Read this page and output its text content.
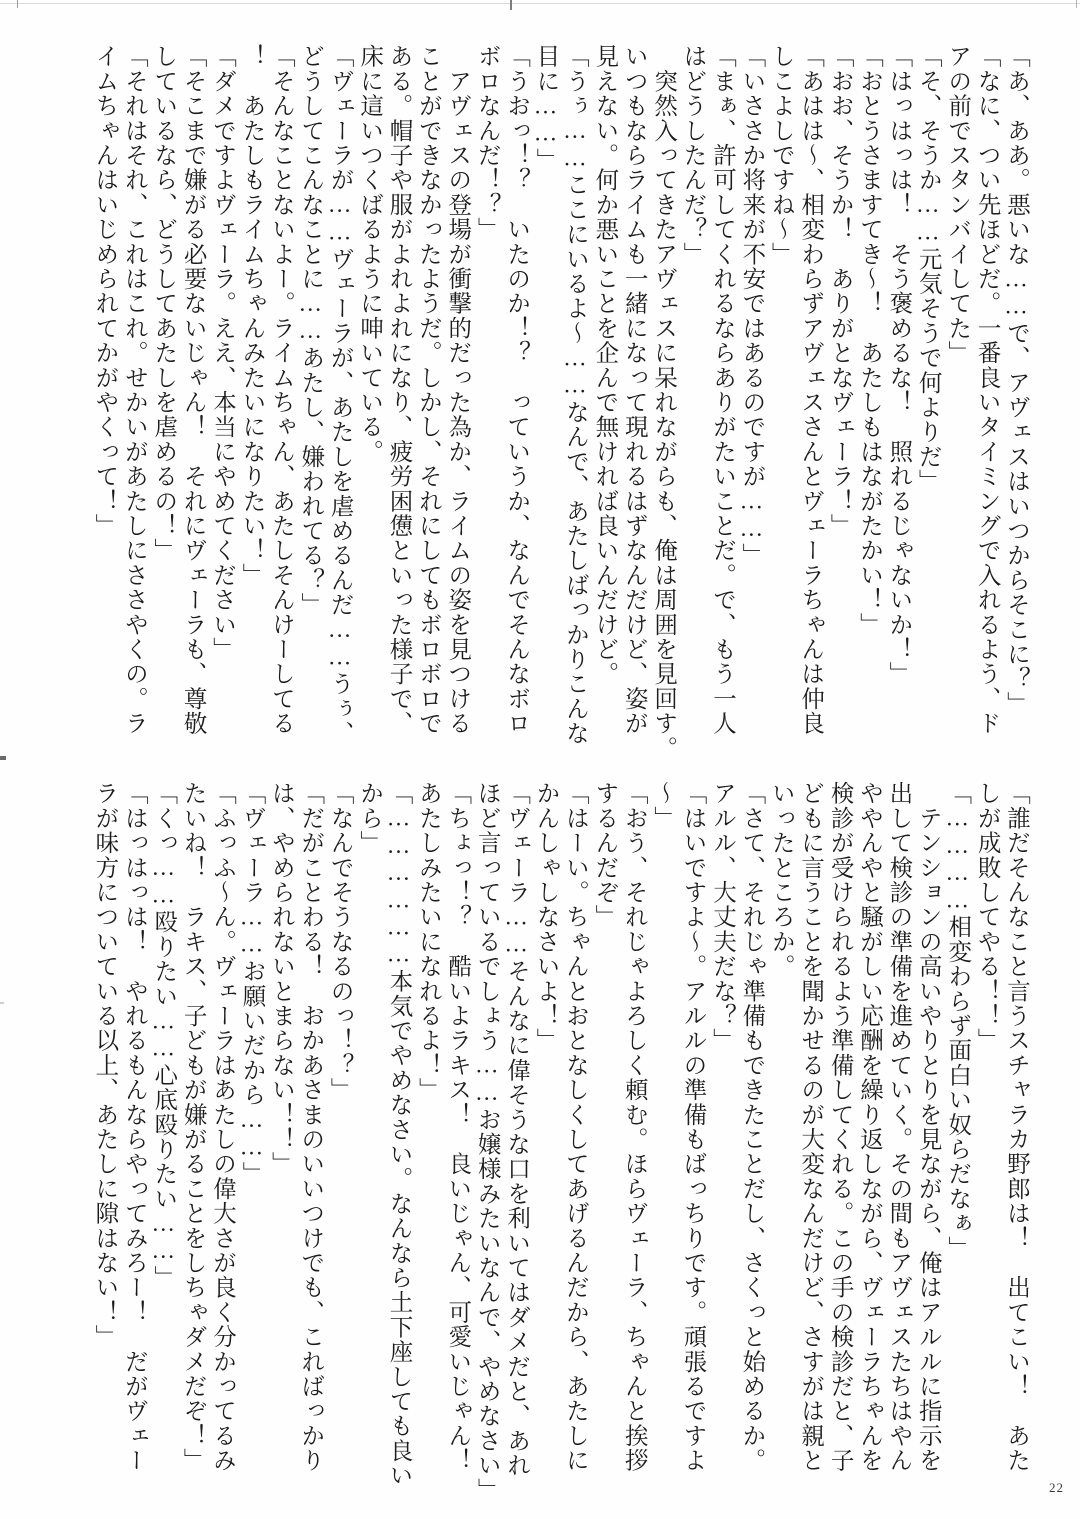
「あ、ああ。悪いな……で、アヴェスはいつからそこに？」
「なに、つい先ほどだ。一番良いタイミングで入れるよう、ド
アの前でスタンバイしてた」
「そ、そうか……元気そうで何よりだ」
「はっはっは！　そう褒めるな！　照れるじゃないか！」
「おとうさますてき～！　あたしもはながたかい！」
「おお、そうか！　ありがとなヴェーラ！」
「あはは～、相変わらずアヴェスさんとヴェーラちゃんは仲良
しこよしですね～」
「いささか将来が不安ではあるのですが……」
「まぁ、許可してくれるならありがたいことだ。で、もう一人
はどうしたんだ？」
　突然入ってきたアヴェスに呆れながらも、俺は周囲を見回す。
いつもならライムも一緒になって現れるはずなんだけど、姿が
見えない。何か悪いことを企んで無ければ良いんだけど。
「うぅ……ここにいるよ～……なんで、あたしばっかりこんな
目に……」
「うおっ！？　いたのか！？　っていうか、なんでそんなボロ
ボロなんだ！？」
　アヴェスの登場が衝撃的だった為か、ライムの姿を見つける
ことができなかったようだ。しかし、それにしてもボロボロで
ある。帽子や服がよれよれになり、疲労困憊といった様子で、
床に這いつくばるように呻いている。
「ヴェーラが……ヴェーラが、あたしを虐めるんだ……うぅ、
どうしてこんなことに……あたし、嫌われてる？」
「そんなことないよー。ライムちゃん、あたしそんけーしてる
！　あたしもライムちゃんみたいになりたい！」
「ダメですよヴェーラ。ええ、本当にやめてください」
「そこまで嫌がる必要ないじゃん！　それにヴェーラも、尊敬
しているなら、どうしてあたしを虐めるの！」
「それはそれ、これはこれ。せかいがあたしにささやくの。ラ
イムちゃんはいじめられてかがやくって！」
「誰だそんなこと言うスチャラカ野郎は！　出てこい！　あた
しが成敗してやる！！」
「…………相変わらず面白い奴らだなぁ」
　テンションの高いやりとりを見ながら、俺はアルルに指示を
出して検診の準備を進めていく。その間もアヴェスたちはやん
ややんやと騒がしい応酬を繰り返しながら、ヴェーラちゃんを
検診が受けられるよう準備してくれる。この手の検診だと、子
どもに言うことを聞かせるのが大変なんだけど、さすがは親と
いったところか。
「さて、それじゃ準備もできたことだし、さくっと始めるか。
アルル、大丈夫だな？」
「はいですよ～。アルルの準備もばっちりです。頑張るですよ
～」
「おう、それじゃよろしく頼む。ほらヴェーラ、ちゃんと挨拶
するんだぞ」
「はーい。ちゃんとおとなしくしてあげるんだから、あたしに
かんしゃしなさいよ！」
「ヴェーラ……そんなに偉そうな口を利いてはダメだと、あれ
ほど言っているでしょう……お嬢様みたいなんで、やめなさい」
「ちょっ！？　酷いよラキス！　良いじゃん、可愛いじゃん！
あたしみたいになれるよ！」
「………………本気でやめなさい。なんなら土下座しても良い
から」
「なんでそうなるのっ！？」
「だがことわる！　おかあさまのいいつけでも、こればっかり
は、やめられないとまらない！！」
「ヴェーラ……お願いだから……」
「ふっふ～ん。ヴェーラはあたしの偉大さが良く分かってるみ
たいね！　ラキス、子どもが嫌がることをしちゃダメだぞ！」
「くっ……殴りたい……心底殴りたい……」
「はっはっは！　やれるもんならやってみろー！　だがヴェー
ラが味方についている以上、あたしに隙はない！」
22
